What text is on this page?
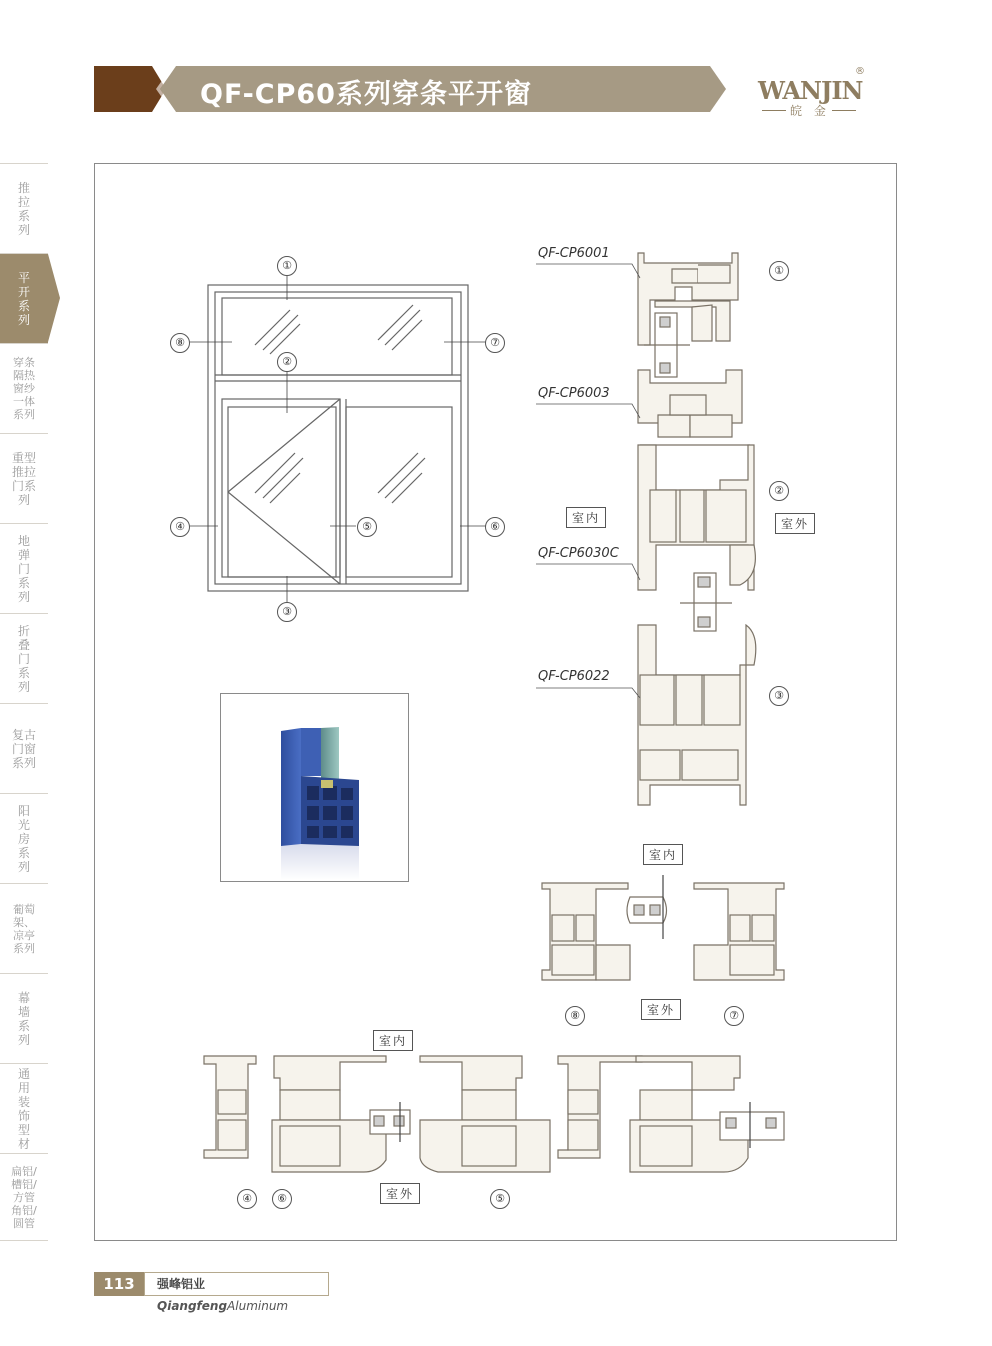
QF-CP60系列穿条平开窗	WANJIN
®
皖 金
推拉系列
平开系列
穿条隔热窗纱一体系列
重型推拉门系列
地弹门系列
折叠门系列
复古门窗系列
阳光房系列
葡萄架、凉亭系列
幕墙系列
通用装饰型材
扁铝/槽铝/方管角铝/圆管
①
②
③
④	⑤	⑥
⑦
⑧
QF-CP6001
QF-CP6003
QF-CP6030C
QF-CP6022
①
②
③
室内	室外
室内
室外
⑧	⑦
室内
室外
④	⑥	⑤
113	强峰铝业 QiangfengAluminum
